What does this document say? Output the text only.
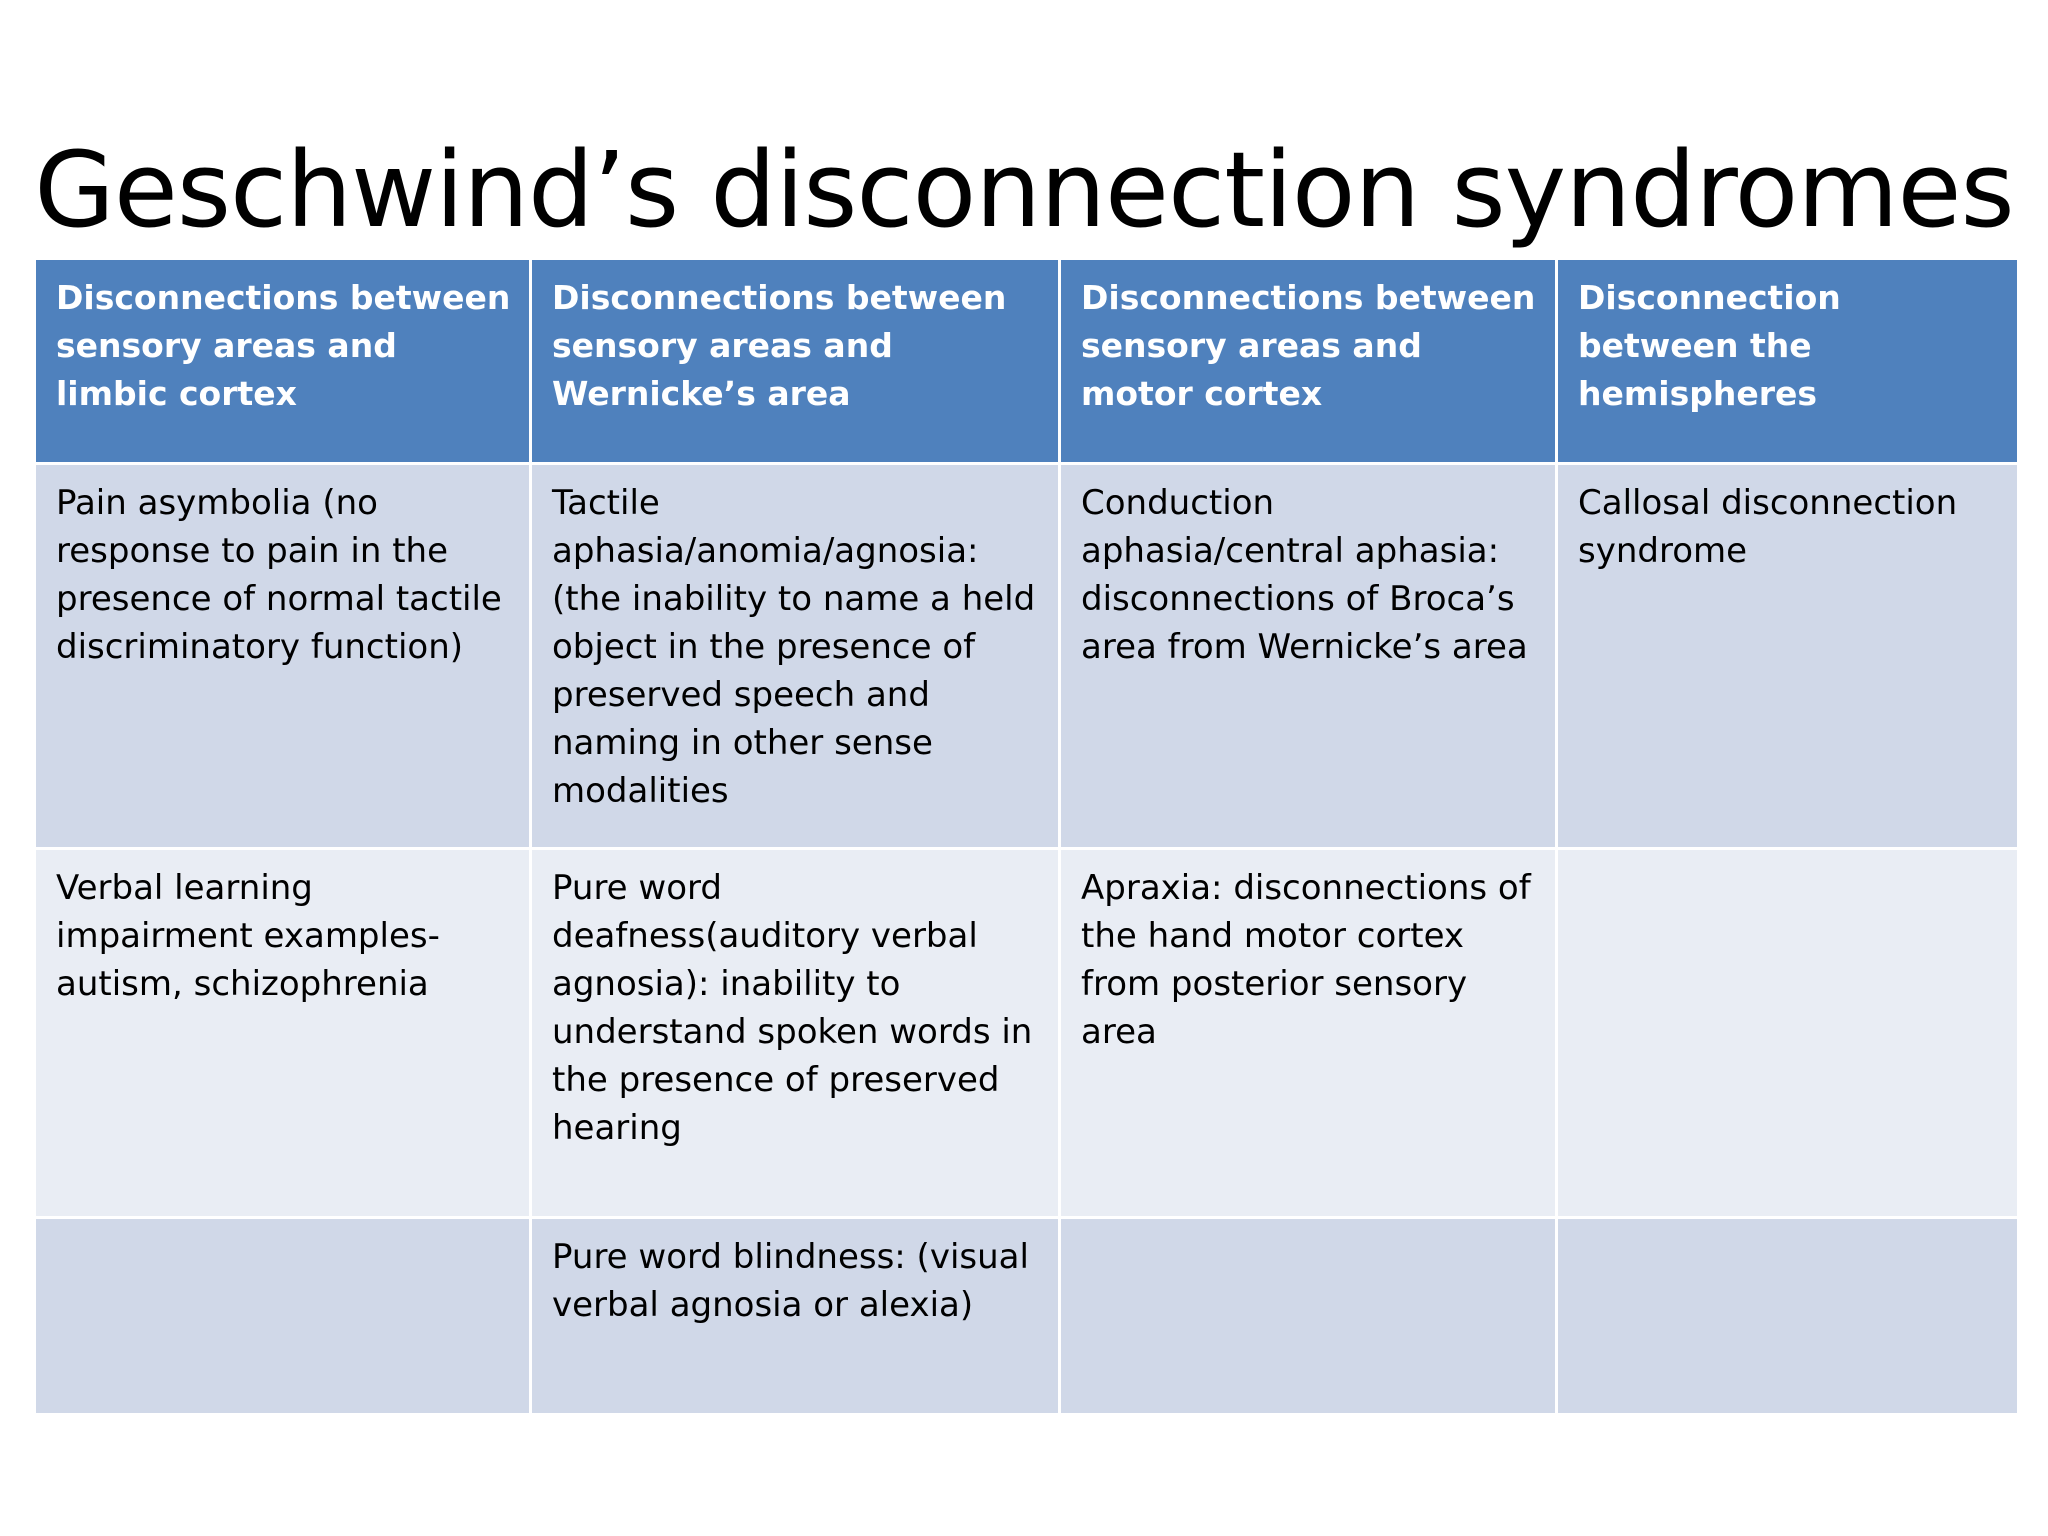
Geschwind’s disconnection syndromes
Disconnections between sensory areas and limbic cortex	Disconnections between sensory areas and Wernicke’s area	Disconnections between sensory areas and motor cortex	Disconnection between the hemispheres
Pain asymbolia (no response to pain in the presence of normal tactile discriminatory function)	Tactile aphasia/anomia/agnosia: (the inability to name a held object in the presence of preserved speech and naming in other sense modalities	Conduction aphasia/central aphasia: disconnections of Broca’s area from Wernicke’s area	Callosal disconnection syndrome
Verbal learning impairment examples- autism, schizophrenia	Pure word deafness(auditory verbal agnosia): inability to understand spoken words in the presence of preserved hearing	Apraxia: disconnections of the hand motor cortex from posterior sensory area	
	Pure word blindness: (visual verbal agnosia or alexia)		
